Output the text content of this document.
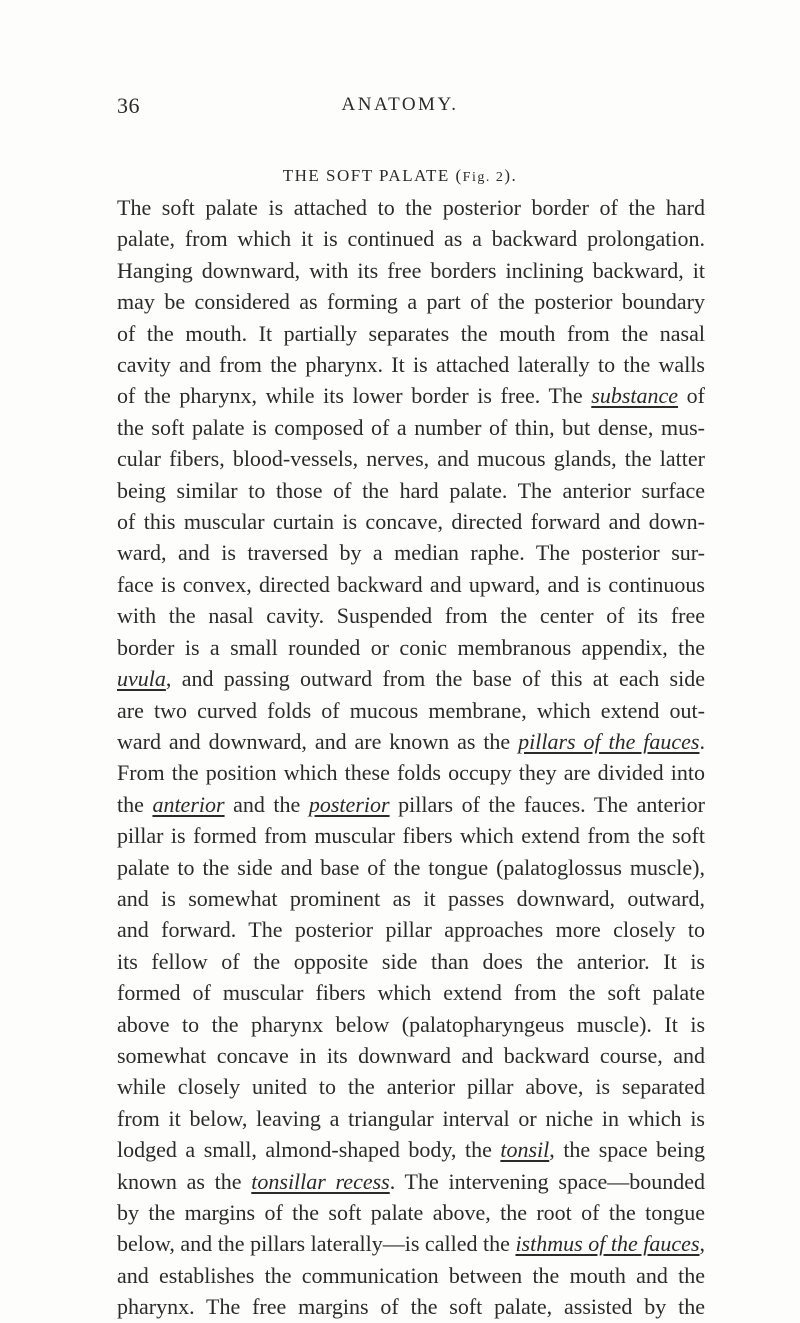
36	ANATOMY.
THE SOFT PALATE (Fig. 2).
The soft palate is attached to the posterior border of the hard
palate, from which it is continued as a backward prolongation.
Hanging downward, with its free borders inclining backward, it
may be considered as forming a part of the posterior boundary
of the mouth. It partially separates the mouth from the nasal
cavity and from the pharynx. It is attached laterally to the walls
of the pharynx, while its lower border is free. The substance of
the soft palate is composed of a number of thin, but dense, mus-
cular fibers, blood-vessels, nerves, and mucous glands, the latter
being similar to those of the hard palate. The anterior surface
of this muscular curtain is concave, directed forward and down-
ward, and is traversed by a median raphe. The posterior sur-
face is convex, directed backward and upward, and is continuous
with the nasal cavity. Suspended from the center of its free
border is a small rounded or conic membranous appendix, the
uvula, and passing outward from the base of this at each side
are two curved folds of mucous membrane, which extend out-
ward and downward, and are known as the pillars of the fauces.
From the position which these folds occupy they are divided into
the anterior and the posterior pillars of the fauces. The anterior
pillar is formed from muscular fibers which extend from the soft
palate to the side and base of the tongue (palatoglossus muscle),
and is somewhat prominent as it passes downward, outward,
and forward. The posterior pillar approaches more closely to
its fellow of the opposite side than does the anterior. It is
formed of muscular fibers which extend from the soft palate
above to the pharynx below (palatopharyngeus muscle). It is
somewhat concave in its downward and backward course, and
while closely united to the anterior pillar above, is separated
from it below, leaving a triangular interval or niche in which is
lodged a small, almond-shaped body, the tonsil, the space being
known as the tonsillar recess. The intervening space—bounded
by the margins of the soft palate above, the root of the tongue
below, and the pillars laterally—is called the isthmus of the fauces,
and establishes the communication between the mouth and the
pharynx. The free margins of the soft palate, assisted by the
